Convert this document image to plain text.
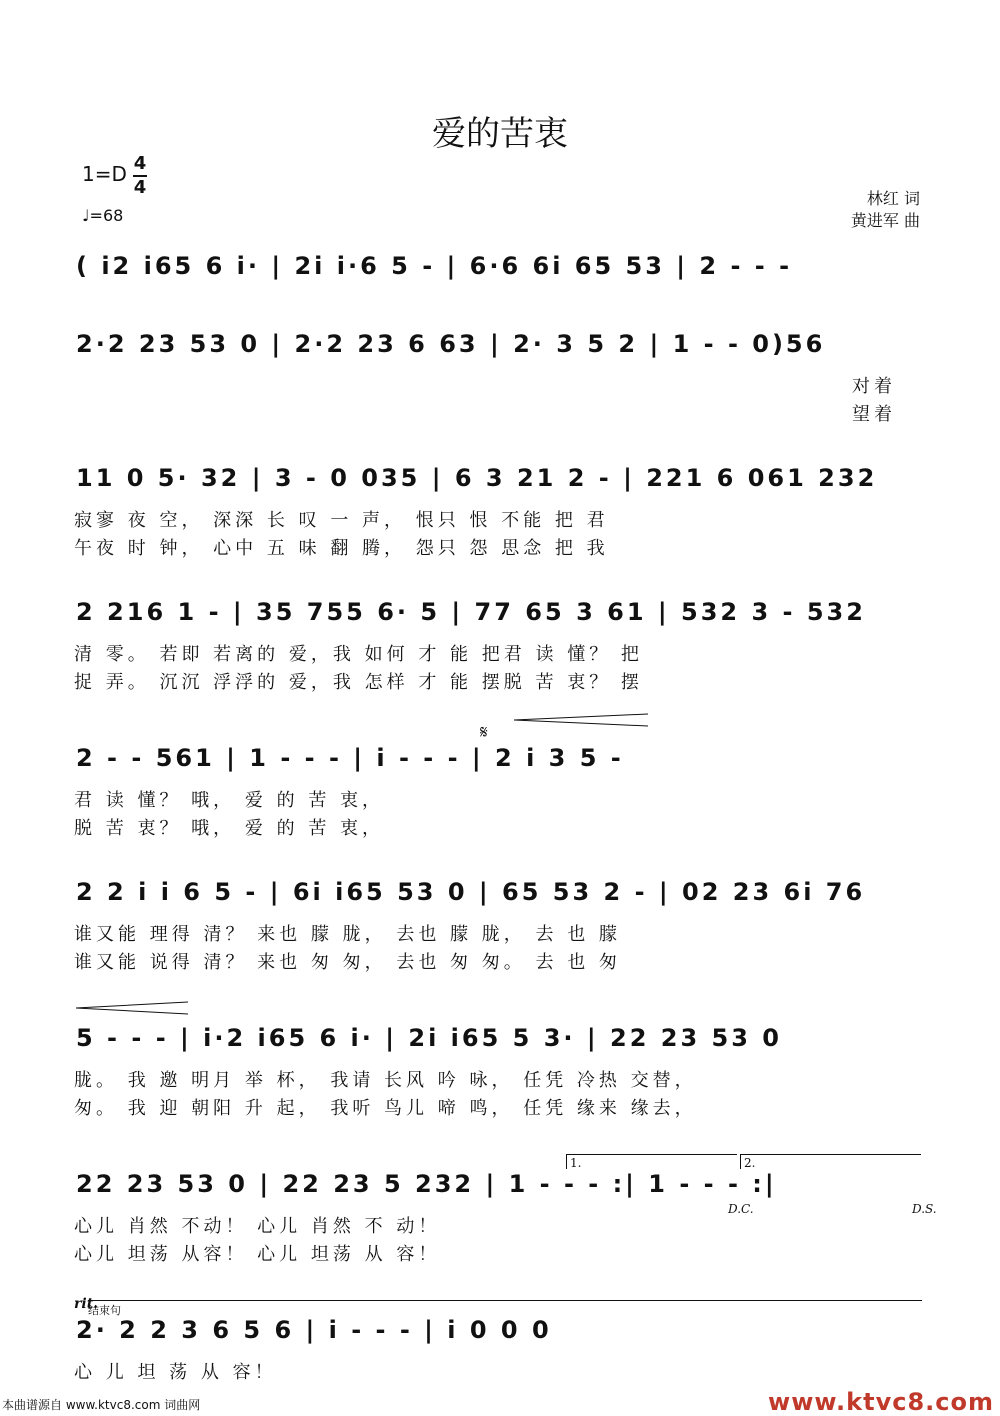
爱的苦衷
1=D 4
4
♩=68
林红 词
黄进军 曲
( i2 i65 6 i· | 2i i·6 5 - | 6·6 6i 65 53 | 2 - - -
2·2 23 53 0 | 2·2 23 6 63 | 2· 3 5 2 | 1 - - 0)56
对着
望着
11 0 5· 32 | 3 - 0 035 | 6 3 21 2 - | 221 6 061 232
寂寥 夜 空， 深深 长 叹 一 声， 恨只 恨 不能 把 君
午夜 时 钟， 心中 五 味 翻 腾， 怨只 怨 思念 把 我
2 216 1 - | 35 755 6· 5 | 77 65 3 61 | 532 3 - 532
清 零。 若即 若离的 爱，我 如何 才 能 把君 读 懂？ 把
捉 弄。 沉沉 浮浮的 爱，我 怎样 才 能 摆脱 苦 衷？ 摆
𝄋
2 - - 561 | 1 - - - | i - - - | 2 i 3 5 -
君 读 懂？ 哦， 爱 的 苦 衷，
脱 苦 衷？ 哦， 爱 的 苦 衷，
2 2 i i 6 5 - | 6i i65 53 0 | 65 53 2 - | 02 23 6i 76
谁又能 理得 清？ 来也 朦 胧， 去也 朦 胧， 去 也 朦
谁又能 说得 清？ 来也 匆 匆， 去也 匆 匆。 去 也 匆
5 - - - | i·2 i65 6 i· | 2i i65 5 3· | 22 23 53 0
胧。 我 邀 明月 举 杯， 我请 长风 吟 咏， 任凭 冷热 交替，
匆。 我 迎 朝阳 升 起， 我听 鸟儿 啼 鸣， 任凭 缘来 缘去，
1.	2.
22 23 53 0 | 22 23 5 232 | 1 - - - :| 1 - - - :|
D.C.	D.S.
心儿 肖然 不动！ 心儿 肖然 不 动！
心儿 坦荡 从容！ 心儿 坦荡 从 容！
rit.
结束句
2· 2 2 3 6 5 6 | i - - - | i 0 0 0
心 儿 坦 荡 从 容！
本曲谱源自 www.ktvc8.com 词曲网	www.ktvc8.com
